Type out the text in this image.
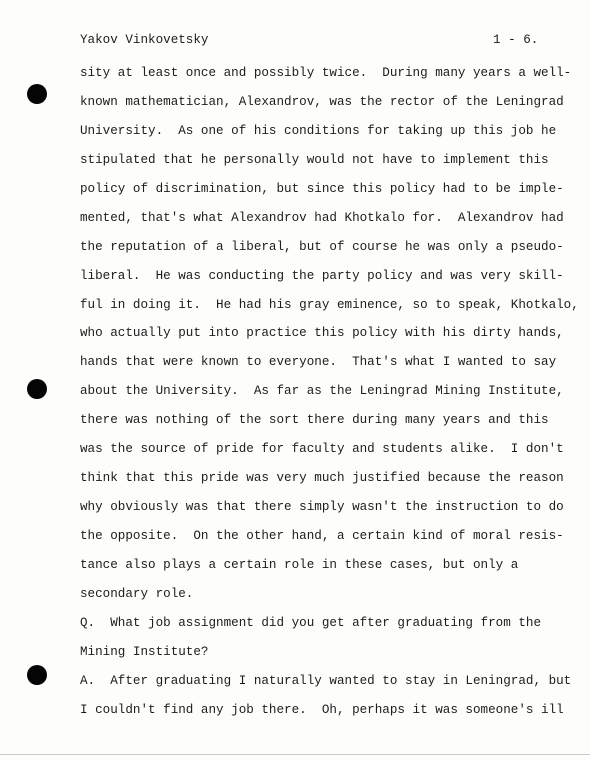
Yakov Vinkovetsky	1 - 6.
sity at least once and possibly twice.  During many years a well-
known mathematician, Alexandrov, was the rector of the Leningrad
University.  As one of his conditions for taking up this job he
stipulated that he personally would not have to implement this
policy of discrimination, but since this policy had to be imple-
mented, that's what Alexandrov had Khotkalo for.  Alexandrov had
the reputation of a liberal, but of course he was only a pseudo-
liberal.  He was conducting the party policy and was very skill-
ful in doing it.  He had his gray eminence, so to speak, Khotkalo,
who actually put into practice this policy with his dirty hands,
hands that were known to everyone.  That's what I wanted to say
about the University.  As far as the Leningrad Mining Institute,
there was nothing of the sort there during many years and this
was the source of pride for faculty and students alike.  I don't
think that this pride was very much justified because the reason
why obviously was that there simply wasn't the instruction to do
the opposite.  On the other hand, a certain kind of moral resis-
tance also plays a certain role in these cases, but only a
secondary role.
Q.  What job assignment did you get after graduating from the
Mining Institute?
A.  After graduating I naturally wanted to stay in Leningrad, but
I couldn't find any job there.  Oh, perhaps it was someone's ill
